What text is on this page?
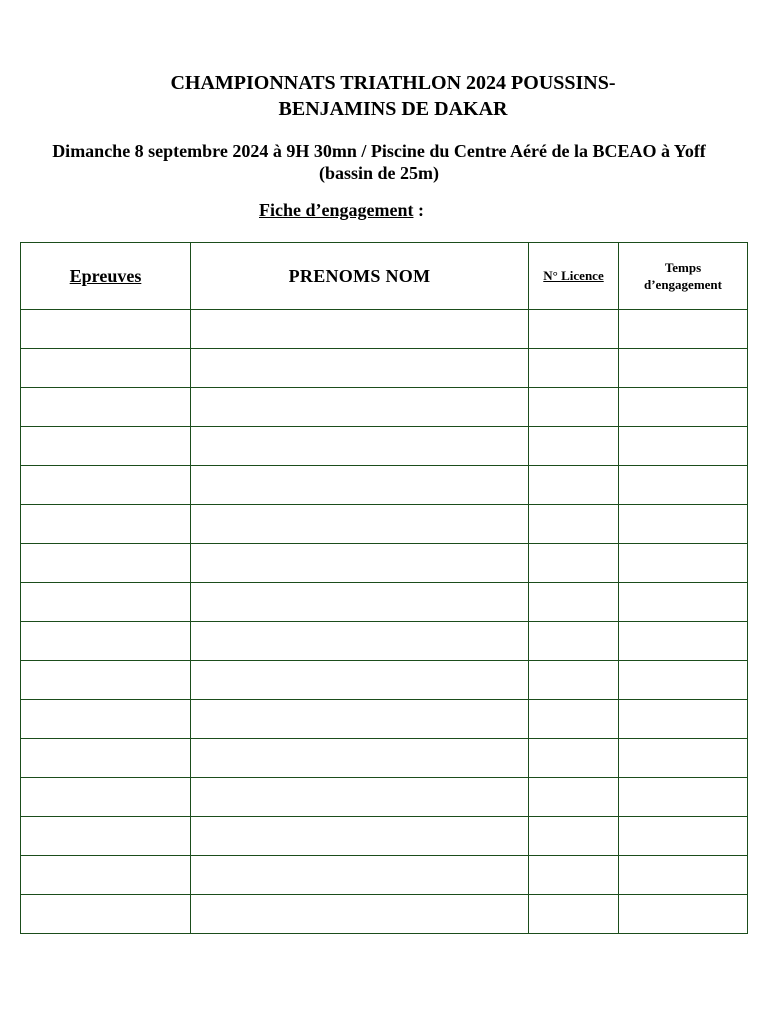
CHAMPIONNATS TRIATHLON 2024 POUSSINS-BENJAMINS DE DAKAR

Dimanche 8 septembre 2024 à 9H 30mn / Piscine du Centre Aéré de la BCEAO à Yoff (bassin de 25m)

Fiche d’engagement :

Epreuves	PRENOMS NOM	N° Licence	Temps d’engagement
